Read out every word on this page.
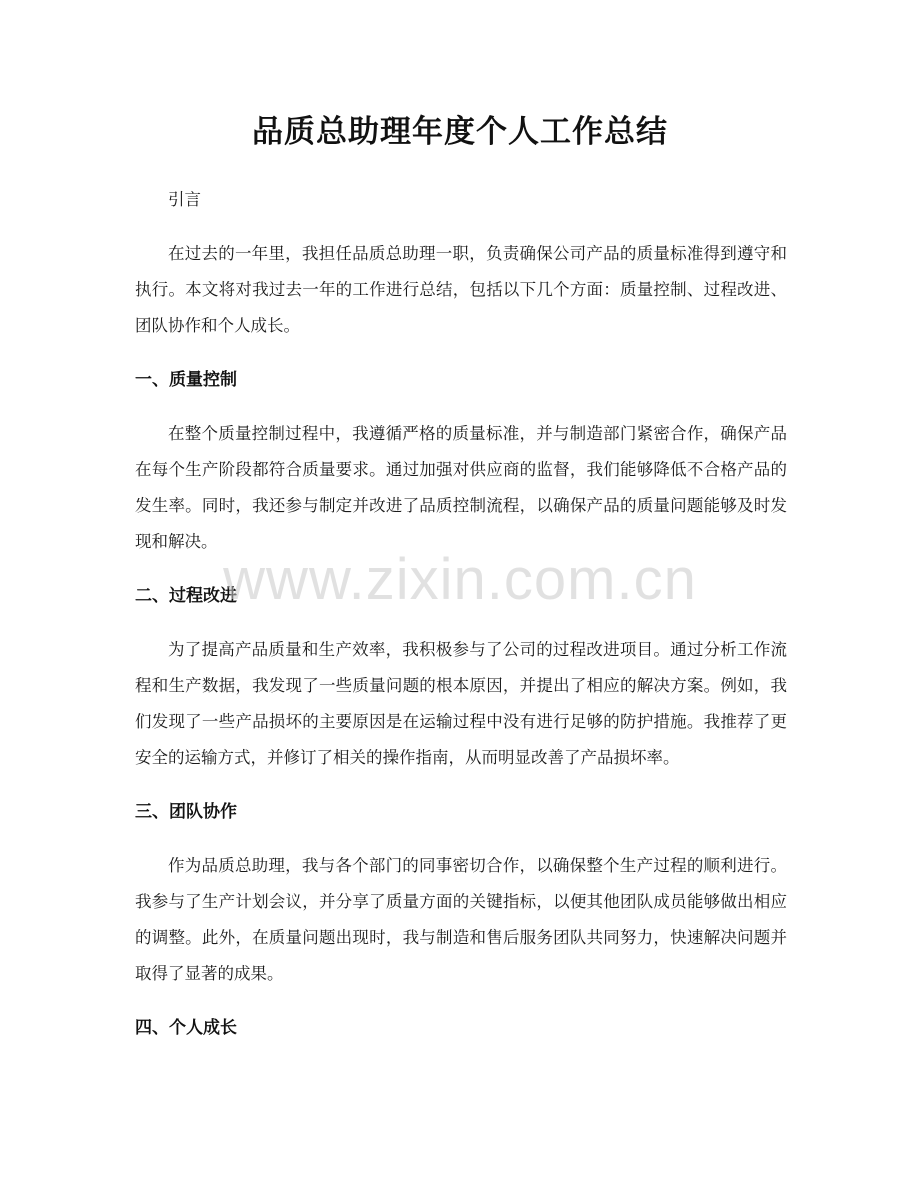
品质总助理年度个人工作总结

引言

在过去的一年里，我担任品质总助理一职，负责确保公司产品的质量标准得到遵守和执行。本文将对我过去一年的工作进行总结，包括以下几个方面：质量控制、过程改进、团队协作和个人成长。

一、质量控制

在整个质量控制过程中，我遵循严格的质量标准，并与制造部门紧密合作，确保产品在每个生产阶段都符合质量要求。通过加强对供应商的监督，我们能够降低不合格产品的发生率。同时，我还参与制定并改进了品质控制流程，以确保产品的质量问题能够及时发现和解决。

二、过程改进

为了提高产品质量和生产效率，我积极参与了公司的过程改进项目。通过分析工作流程和生产数据，我发现了一些质量问题的根本原因，并提出了相应的解决方案。例如，我们发现了一些产品损坏的主要原因是在运输过程中没有进行足够的防护措施。我推荐了更安全的运输方式，并修订了相关的操作指南，从而明显改善了产品损坏率。

三、团队协作

作为品质总助理，我与各个部门的同事密切合作，以确保整个生产过程的顺利进行。我参与了生产计划会议，并分享了质量方面的关键指标，以便其他团队成员能够做出相应的调整。此外，在质量问题出现时，我与制造和售后服务团队共同努力，快速解决问题并取得了显著的成果。

四、个人成长
www.zixin.com.cn
